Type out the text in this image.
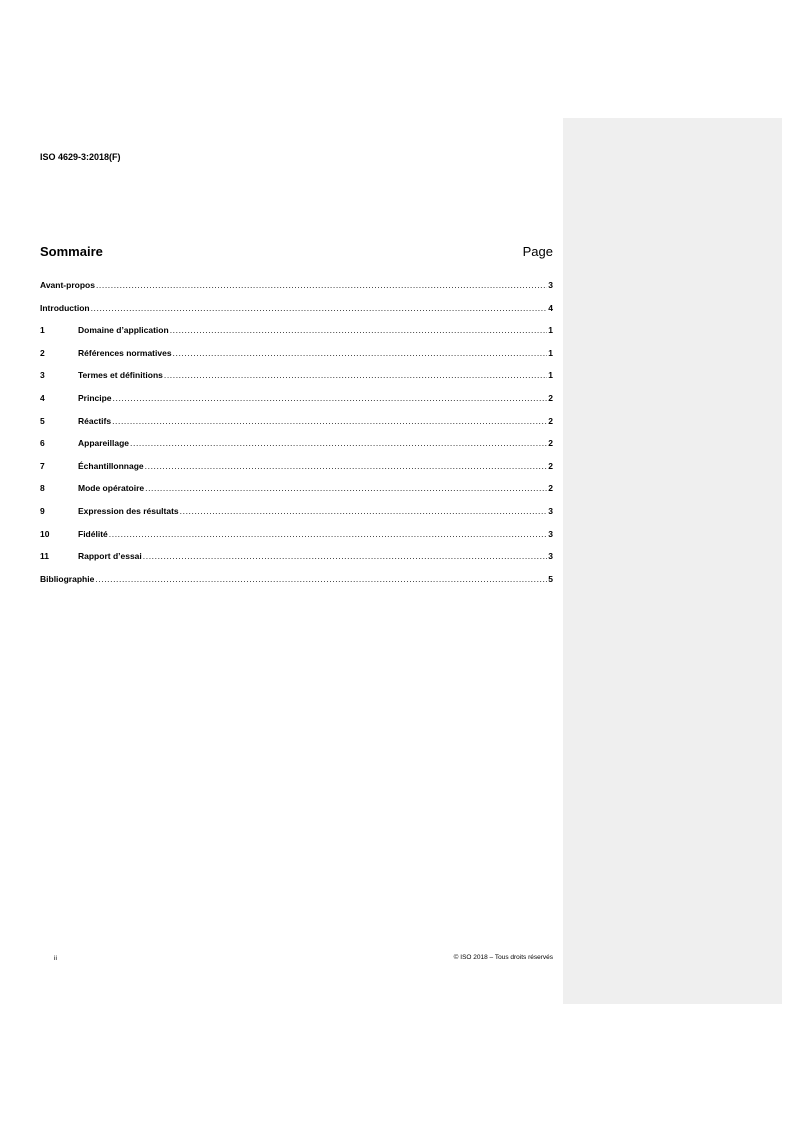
ISO 4629-3:2018(F)
Sommaire	Page
Avant-propos .....	3
Introduction .....	4
1	Domaine d’application .....	1
2	Références normatives .....	1
3	Termes et définitions .....	1
4	Principe .....	2
5	Réactifs .....	2
6	Appareillage .....	2
7	Échantillonnage .....	2
8	Mode opératoire .....	2
9	Expression des résultats .....	3
10	Fidélité .....	3
11	Rapport d’essai .....	3
Bibliographie .....	5
ii	© ISO 2018 – Tous droits réservés
